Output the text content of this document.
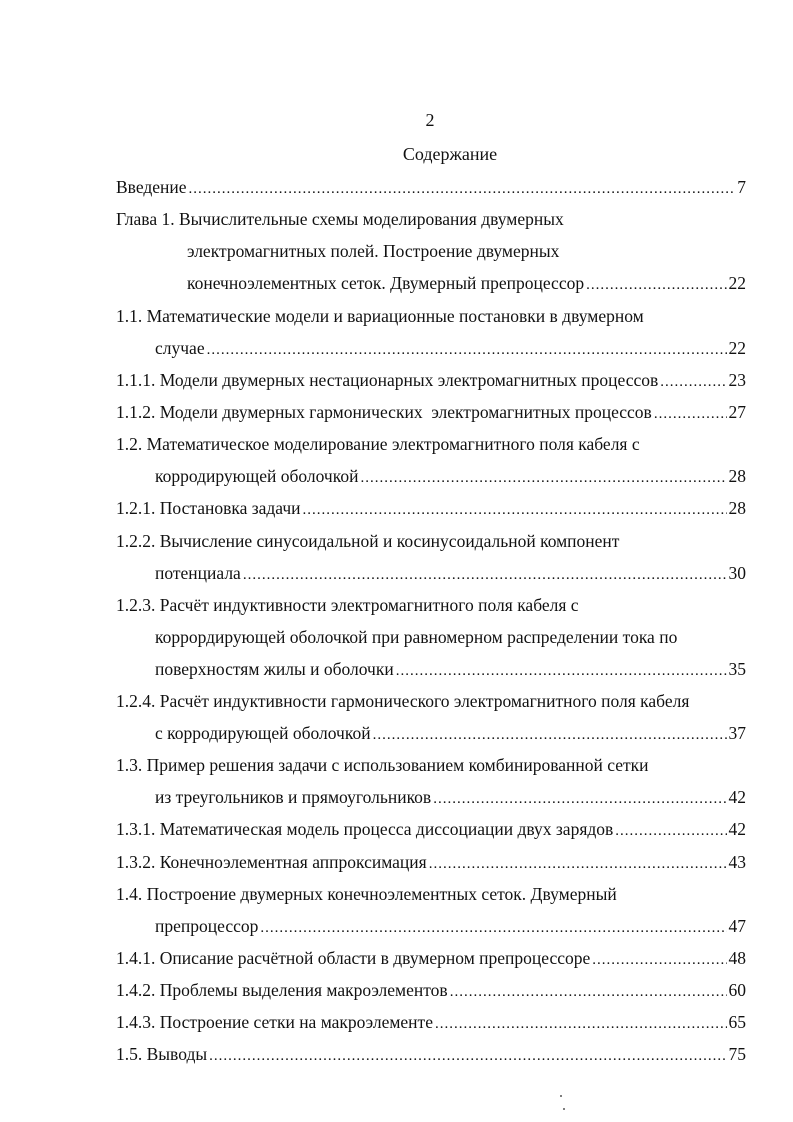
2
Содержание
Введение .....	7
Глава 1. Вычислительные схемы моделирования двумерных
электромагнитных полей. Построение двумерных
конечноэлементных сеток. Двумерный препроцессор .....	22
1.1. Математические модели и вариационные постановки в двумерном
случае .....	22
1.1.1. Модели двумерных нестационарных электромагнитных процессов .....	23
1.1.2. Модели двумерных гармонических  электромагнитных процессов .....	27
1.2. Математическое моделирование электромагнитного поля кабеля с
корродирующей оболочкой .....	28
1.2.1. Постановка задачи .....	28
1.2.2. Вычисление синусоидальной и косинусоидальной компонент
потенциала .....	30
1.2.3. Расчёт индуктивности электромагнитного поля кабеля с
коррордирующей оболочкой при равномерном распределении тока по
поверхностям жилы и оболочки .....	35
1.2.4. Расчёт индуктивности гармонического электромагнитного поля кабеля
с корродирующей оболочкой .....	37
1.3. Пример решения задачи с использованием комбинированной сетки
из треугольников и прямоугольников .....	42
1.3.1. Математическая модель процесса диссоциации двух зарядов .....	42
1.3.2. Конечноэлементная аппроксимация .....	43
1.4. Построение двумерных конечноэлементных сеток. Двумерный
препроцессор .....	47
1.4.1. Описание расчётной области в двумерном препроцессоре .....	48
1.4.2. Проблемы выделения макроэлементов .....	60
1.4.3. Построение сетки на макроэлементе .....	65
1.5. Выводы .....	75
